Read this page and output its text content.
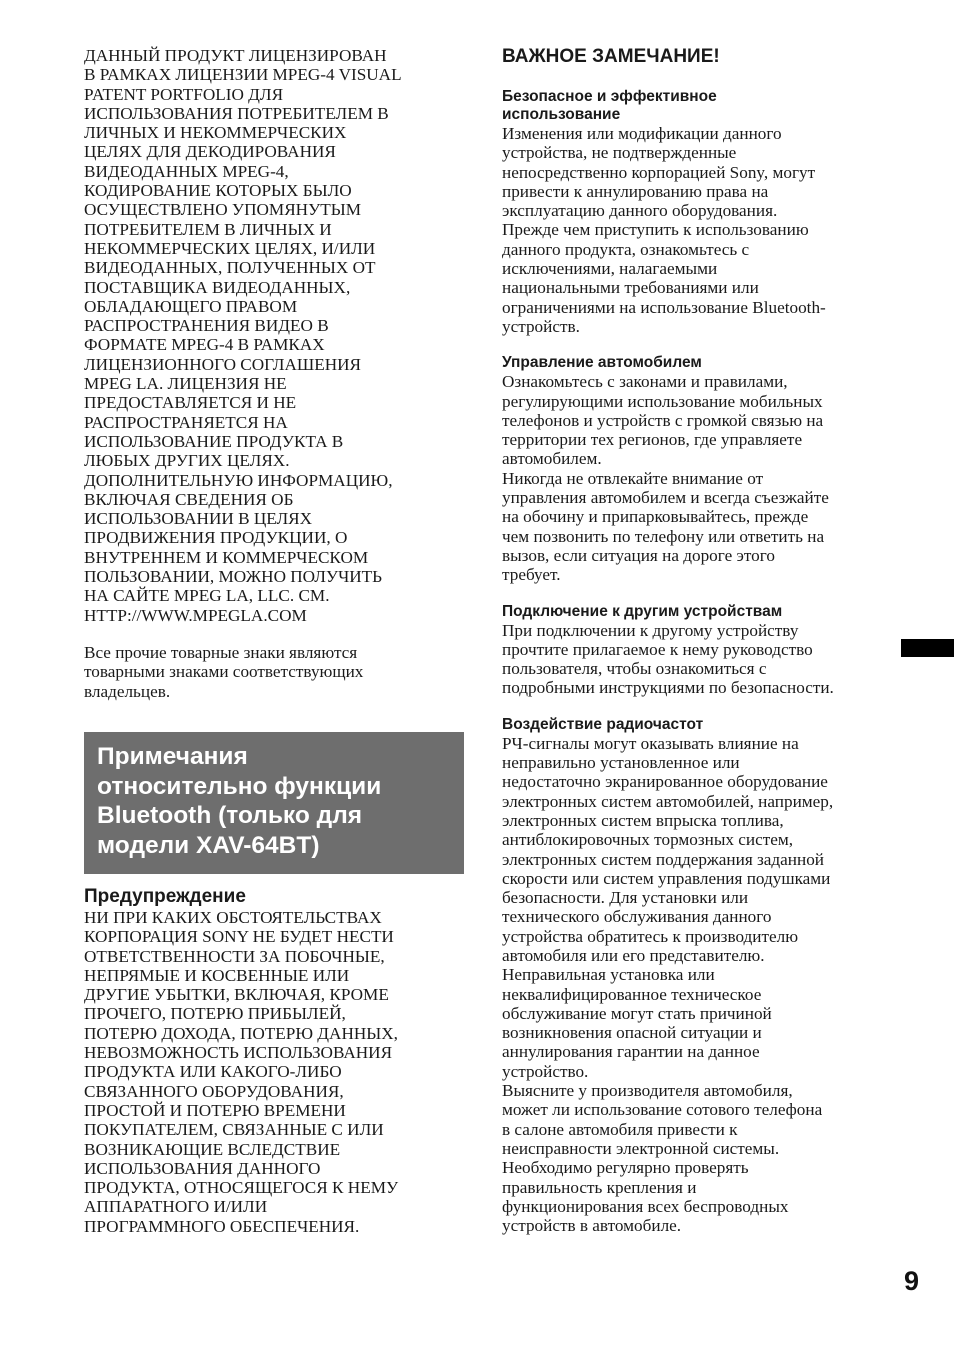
ДАННЫЙ ПРОДУКТ ЛИЦЕНЗИРОВАН
В РАМКАХ ЛИЦЕНЗИИ MPEG-4 VISUAL
PATENT PORTFOLIO ДЛЯ
ИСПОЛЬЗОВАНИЯ ПОТРЕБИТЕЛЕМ В
ЛИЧНЫХ И НЕКОММЕРЧЕСКИХ
ЦЕЛЯХ ДЛЯ ДЕКОДИРОВАНИЯ
ВИДЕОДАННЫХ MPEG-4,
КОДИРОВАНИЕ КОТОРЫХ БЫЛО
ОСУЩЕСТВЛЕНО УПОМЯНУТЫМ
ПОТРЕБИТЕЛЕМ В ЛИЧНЫХ И
НЕКОММЕРЧЕСКИХ ЦЕЛЯХ, И/ИЛИ
ВИДЕОДАННЫХ, ПОЛУЧЕННЫХ ОТ
ПОСТАВЩИКА ВИДЕОДАННЫХ,
ОБЛАДАЮЩЕГО ПРАВОМ
РАСПРОСТРАНЕНИЯ ВИДЕО В
ФОРМАТЕ MPEG-4 В РАМКАХ
ЛИЦЕНЗИОННОГО СОГЛАШЕНИЯ
MPEG LA. ЛИЦЕНЗИЯ НЕ
ПРЕДОСТАВЛЯЕТСЯ И НЕ
РАСПРОСТРАНЯЕТСЯ НА
ИСПОЛЬЗОВАНИЕ ПРОДУКТА В
ЛЮБЫХ ДРУГИХ ЦЕЛЯХ.
ДОПОЛНИТЕЛЬНУЮ ИНФОРМАЦИЮ,
ВКЛЮЧАЯ СВЕДЕНИЯ ОБ
ИСПОЛЬЗОВАНИИ В ЦЕЛЯХ
ПРОДВИЖЕНИЯ ПРОДУКЦИИ, О
ВНУТРЕННЕМ И КОММЕРЧЕСКОМ
ПОЛЬЗОВАНИИ, МОЖНО ПОЛУЧИТЬ
НА САЙТЕ MPEG LA, LLC. СМ.
HTTP://WWW.MPEGLA.COM

Все прочие товарные знаки являются
товарными знаками соответствующих
владельцев.

Примечания
относительно функции
Bluetooth (только для
модели XAV-64BT)
Предупреждение

НИ ПРИ КАКИХ ОБСТОЯТЕЛЬСТВАХ
КОРПОРАЦИЯ SONY НЕ БУДЕТ НЕСТИ
ОТВЕТСТВЕННОСТИ ЗА ПОБОЧНЫЕ,
НЕПРЯМЫЕ И КОСВЕННЫЕ ИЛИ
ДРУГИЕ УБЫТКИ, ВКЛЮЧАЯ, КРОМЕ
ПРОЧЕГО, ПОТЕРЮ ПРИБЫЛЕЙ,
ПОТЕРЮ ДОХОДА, ПОТЕРЮ ДАННЫХ,
НЕВОЗМОЖНОСТЬ ИСПОЛЬЗОВАНИЯ
ПРОДУКТА ИЛИ КАКОГО-ЛИБО
СВЯЗАННОГО ОБОРУДОВАНИЯ,
ПРОСТОЙ И ПОТЕРЮ ВРЕМЕНИ
ПОКУПАТЕЛЕМ, СВЯЗАННЫЕ С ИЛИ
ВОЗНИКАЮЩИЕ ВСЛЕДСТВИЕ
ИСПОЛЬЗОВАНИЯ ДАННОГО
ПРОДУКТА, ОТНОСЯЩЕГОСЯ К НЕМУ
АППАРАТНОГО И/ИЛИ
ПРОГРАММНОГО ОБЕСПЕЧЕНИЯ.

ВАЖНОЕ ЗАМЕЧАНИЕ!
Безопасное и эффективное
использование

Изменения или модификации данного
устройства, не подтвержденные
непосредственно корпорацией Sony, могут
привести к аннулированию права на
эксплуатацию данного оборудования.
Прежде чем приступить к использованию
данного продукта, ознакомьтесь с
исключениями, налагаемыми
национальными требованиями или
ограничениями на использование Bluetooth-
устройств.

Управление автомобилем

Ознакомьтесь с законами и правилами,
регулирующими использование мобильных
телефонов и устройств с громкой связью на
территории тех регионов, где управляете
автомобилем.
Никогда не отвлекайте внимание от
управления автомобилем и всегда съезжайте
на обочину и припарковывайтесь, прежде
чем позвонить по телефону или ответить на
вызов, если ситуация на дороге этого
требует.

Подключение к другим устройствам

При подключении к другому устройству
прочтите прилагаемое к нему руководство
пользователя, чтобы ознакомиться с
подробными инструкциями по безопасности.

Воздействие радиочастот

РЧ-сигналы могут оказывать влияние на
неправильно установленное или
недостаточно экранированное оборудование
электронных систем автомобилей, например,
электронных систем впрыска топлива,
антиблокировочных тормозных систем,
электронных систем поддержания заданной
скорости или систем управления подушками
безопасности. Для установки или
технического обслуживания данного
устройства обратитесь к производителю
автомобиля или его представителю.
Неправильная установка или
неквалифицированное техническое
обслуживание могут стать причиной
возникновения опасной ситуации и
аннулирования гарантии на данное
устройство.
Выясните у производителя автомобиля,
может ли использование сотового телефона
в салоне автомобиля привести к
неисправности электронной системы.
Необходимо регулярно проверять
правильность крепления и
функционирования всех беспроводных
устройств в автомобиле.

9
